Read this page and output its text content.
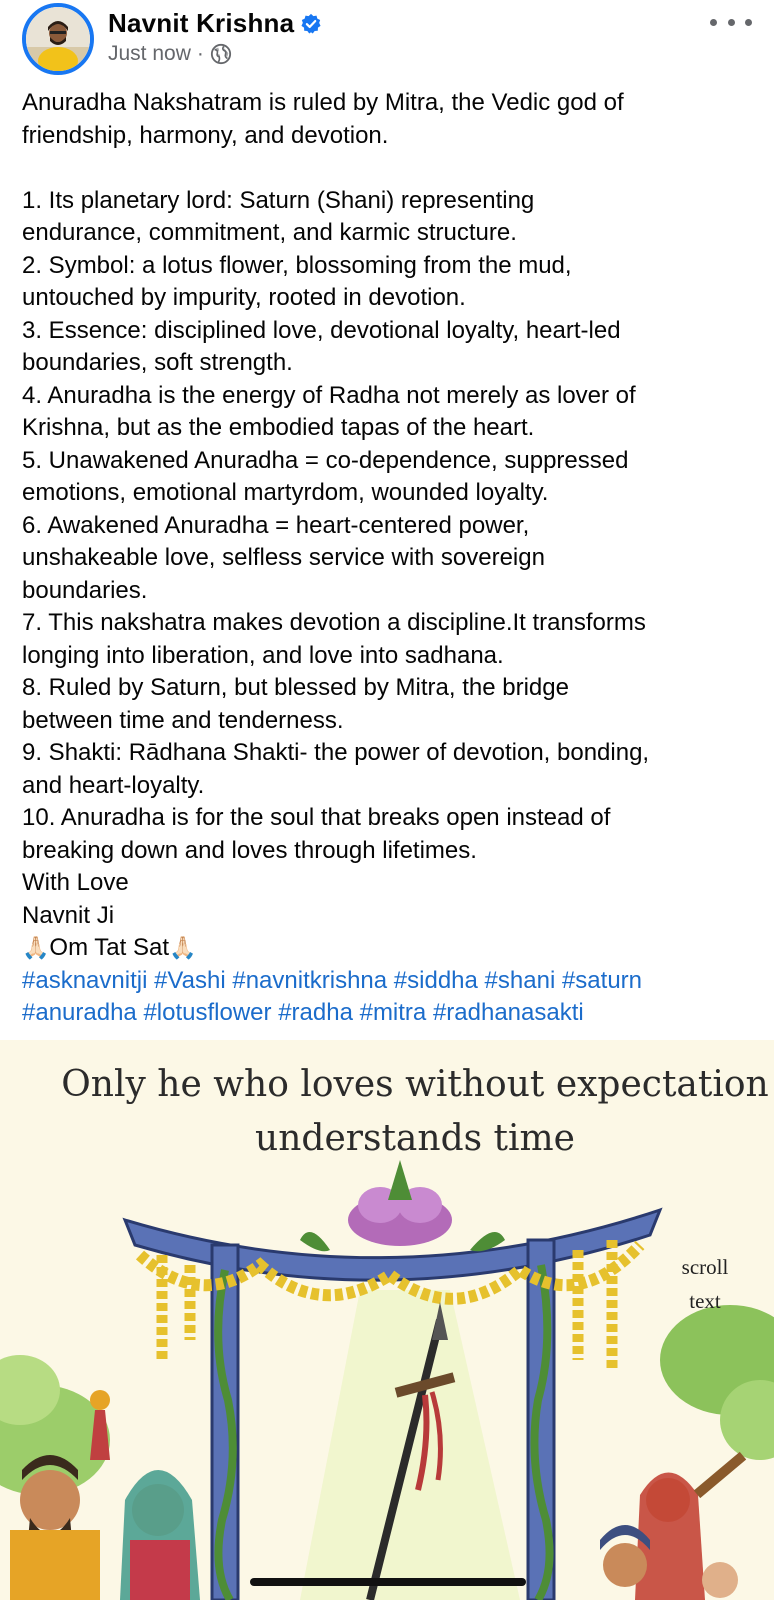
Navnit Krishna
Just now ·

Anuradha Nakshatram is ruled by Mitra, the Vedic god of

friendship, harmony, and devotion.

1. Its planetary lord: Saturn (Shani) representing

endurance, commitment, and karmic structure.

2. Symbol: a lotus flower, blossoming from the mud,

untouched by impurity, rooted in devotion.

3. Essence: disciplined love, devotional loyalty, heart-led

boundaries, soft strength.

4. Anuradha is the energy of Radha not merely as lover of

Krishna, but as the embodied tapas of the heart.

5. Unawakened Anuradha = co-dependence, suppressed

emotions, emotional martyrdom, wounded loyalty.

6. Awakened Anuradha = heart-centered power,

unshakeable love, selfless service with sovereign

boundaries.

7. This nakshatra makes devotion a discipline.It transforms

longing into liberation, and love into sadhana.

8. Ruled by Saturn, but blessed by Mitra, the bridge

between time and tenderness.

9. Shakti: Rādhana Shakti- the power of devotion, bonding,

and heart-loyalty.

10. Anuradha is for the soul that breaks open instead of

breaking down and loves through lifetimes.

With Love

Navnit Ji

🙏🏻Om Tat Sat🙏🏻

#asknavnitji #Vashi #navnitkrishna #siddha #shani #saturn

#anuradha #lotusflower #radha #mitra #radhanasakti

Only he who loves without expectation
understands time
scroll
text
